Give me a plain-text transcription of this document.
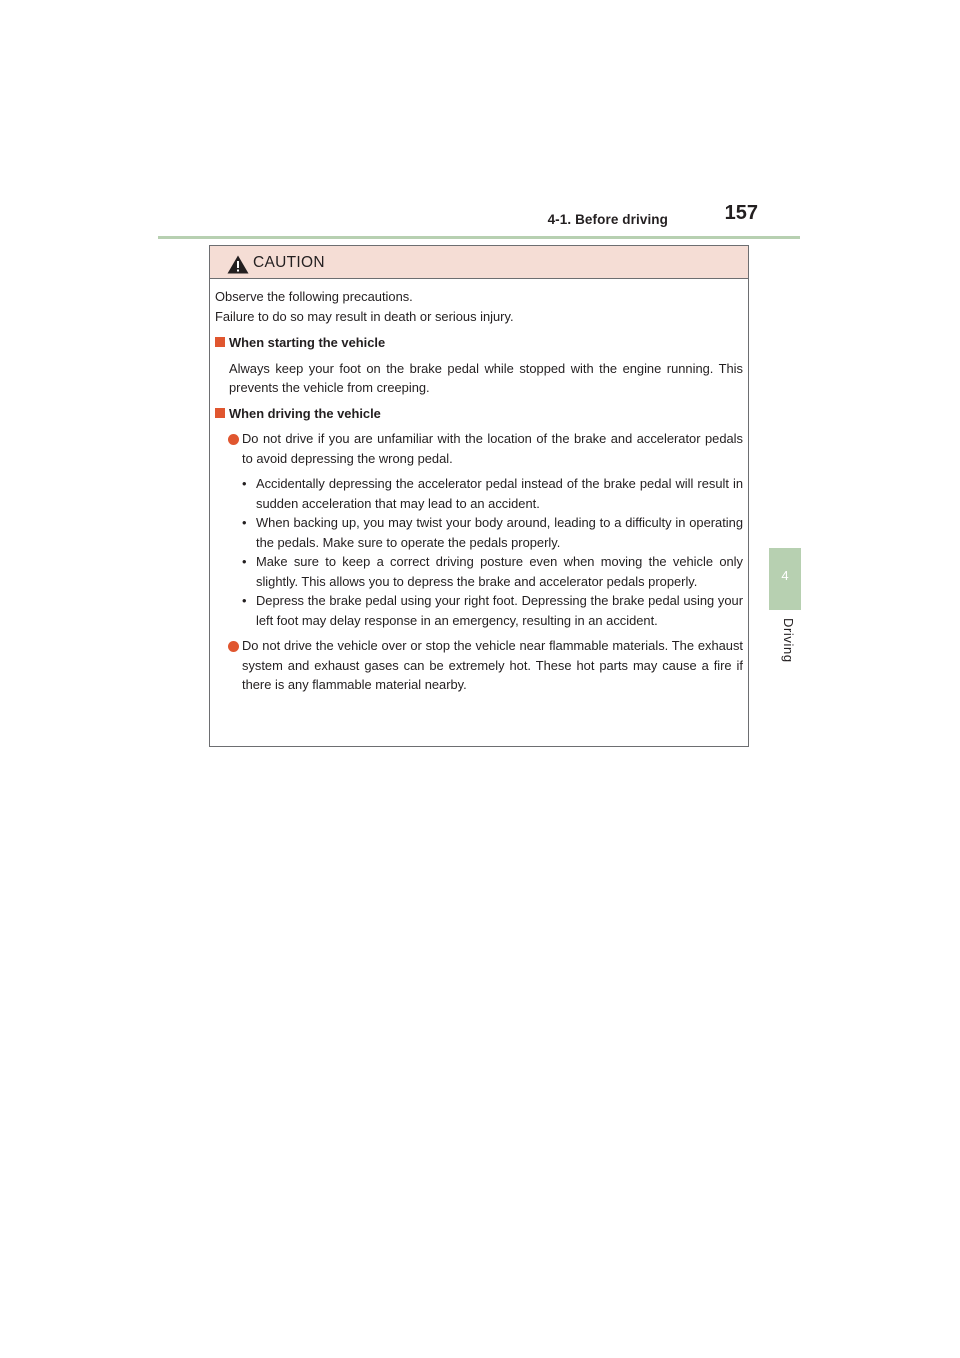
4-1. Before driving	157
4
Driving
CAUTION

Observe the following precautions.

Failure to do so may result in death or serious injury.

When starting the vehicle

Always keep your foot on the brake pedal while stopped with the engine running. This prevents the vehicle from creeping.

When driving the vehicle
Do not drive if you are unfamiliar with the location of the brake and accelerator pedals to avoid depressing the wrong pedal.
• Accidentally depressing the accelerator pedal instead of the brake pedal will result in sudden acceleration that may lead to an accident.
• When backing up, you may twist your body around, leading to a difficulty in operating the pedals. Make sure to operate the pedals properly.
• Make sure to keep a correct driving posture even when moving the vehicle only slightly. This allows you to depress the brake and accelerator pedals properly.
• Depress the brake pedal using your right foot. Depressing the brake pedal using your left foot may delay response in an emergency, resulting in an accident.
Do not drive the vehicle over or stop the vehicle near flammable materials. The exhaust system and exhaust gases can be extremely hot. These hot parts may cause a fire if there is any flammable material nearby.
